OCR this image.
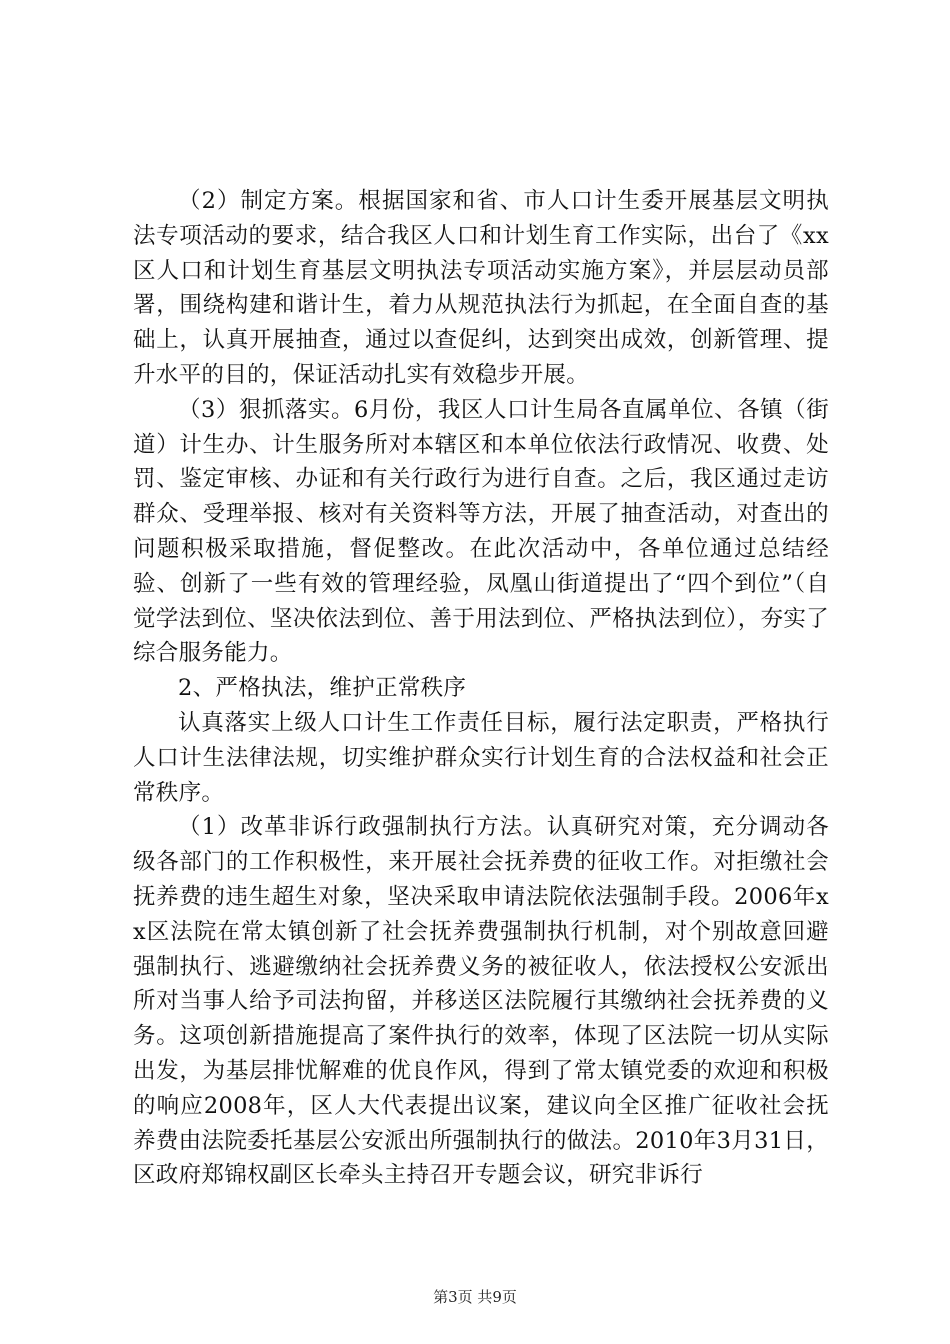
（2）制定方案。根据国家和省、市人口计生委开展基层文明执法专项活动的要求，结合我区人口和计划生育工作实际，出台了《xx区人口和计划生育基层文明执法专项活动实施方案》，并层层动员部署，围绕构建和谐计生，着力从规范执法行为抓起，在全面自查的基础上，认真开展抽查，通过以查促纠，达到突出成效，创新管理、提升水平的目的，保证活动扎实有效稳步开展。

（3）狠抓落实。6月份，我区人口计生局各直属单位、各镇（街道）计生办、计生服务所对本辖区和本单位依法行政情况、收费、处罚、鉴定审核、办证和有关行政行为进行自查。之后，我区通过走访群众、受理举报、核对有关资料等方法，开展了抽查活动，对查出的问题积极采取措施，督促整改。在此次活动中，各单位通过总结经验、创新了一些有效的管理经验，凤凰山街道提出了“四个到位”（自觉学法到位、坚决依法到位、善于用法到位、严格执法到位），夯实了综合服务能力。

2、严格执法，维护正常秩序

认真落实上级人口计生工作责任目标，履行法定职责，严格执行人口计生法律法规，切实维护群众实行计划生育的合法权益和社会正常秩序。

（1）改革非诉行政强制执行方法。认真研究对策，充分调动各级各部门的工作积极性，来开展社会抚养费的征收工作。对拒缴社会抚养费的违生超生对象，坚决采取申请法院依法强制手段。2006年xx区法院在常太镇创新了社会抚养费强制执行机制，对个别故意回避强制执行、逃避缴纳社会抚养费义务的被征收人，依法授权公安派出所对当事人给予司法拘留，并移送区法院履行其缴纳社会抚养费的义务。这项创新措施提高了案件执行的效率，体现了区法院一切从实际出发，为基层排忧解难的优良作风，得到了常太镇党委的欢迎和积极的响应2008年，区人大代表提出议案，建议向全区推广征收社会抚养费由法院委托基层公安派出所强制执行的做法。2010年3月31日，区政府郑锦权副区长牵头主持召开专题会议，研究非诉行

第3页 共9页
